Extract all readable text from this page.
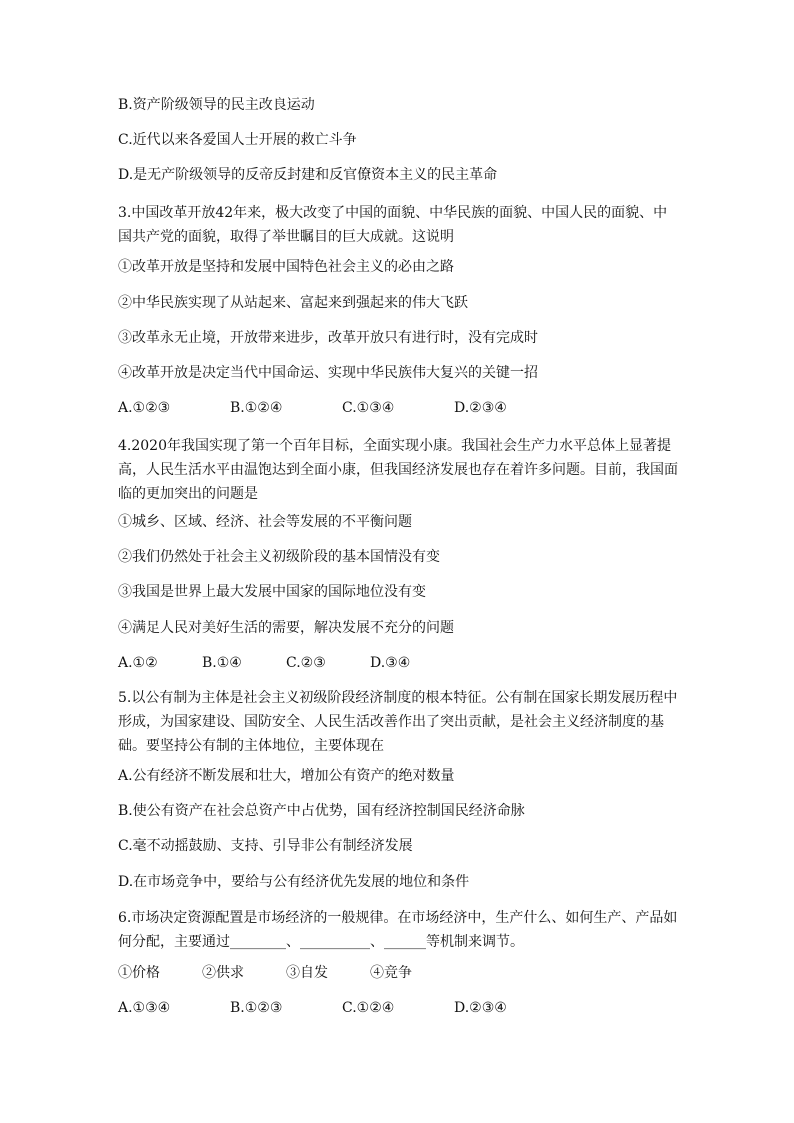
B.资产阶级领导的民主改良运动
C.近代以来各爱国人士开展的救亡斗争
D.是无产阶级领导的反帝反封建和反官僚资本主义的民主革命
3.中国改革开放42年来，极大改变了中国的面貌、中华民族的面貌、中国人民的面貌、中国共产党的面貌，取得了举世瞩目的巨大成就。这说明
①改革开放是坚持和发展中国特色社会主义的必由之路
②中华民族实现了从站起来、富起来到强起来的伟大飞跃
③改革永无止境，开放带来进步，改革开放只有进行时，没有完成时
④改革开放是决定当代中国命运、实现中华民族伟大复兴的关键一招
A.①②③	B.①②④	C.①③④	D.②③④
4.2020年我国实现了第一个百年目标，全面实现小康。我国社会生产力水平总体上显著提高，人民生活水平由温饱达到全面小康，但我国经济发展也存在着许多问题。目前，我国面临的更加突出的问题是
①城乡、区域、经济、社会等发展的不平衡问题
②我们仍然处于社会主义初级阶段的基本国情没有变
③我国是世界上最大发展中国家的国际地位没有变
④满足人民对美好生活的需要，解决发展不充分的问题
A.①②	B.①④	C.②③	D.③④
5.以公有制为主体是社会主义初级阶段经济制度的根本特征。公有制在国家长期发展历程中形成，为国家建设、国防安全、人民生活改善作出了突出贡献，是社会主义经济制度的基础。要坚持公有制的主体地位，主要体现在
A.公有经济不断发展和壮大，增加公有资产的绝对数量
B.使公有资产在社会总资产中占优势，国有经济控制国民经济命脉
C.毫不动摇鼓励、支持、引导非公有制经济发展
D.在市场竞争中，要给与公有经济优先发展的地位和条件
6.市场决定资源配置是市场经济的一般规律。在市场经济中，生产什么、如何生产、产品如何分配，主要通过________、__________、______等机制来调节。
①价格	②供求	③自发	④竞争
A.①③④	B.①②③	C.①②④	D.②③④
